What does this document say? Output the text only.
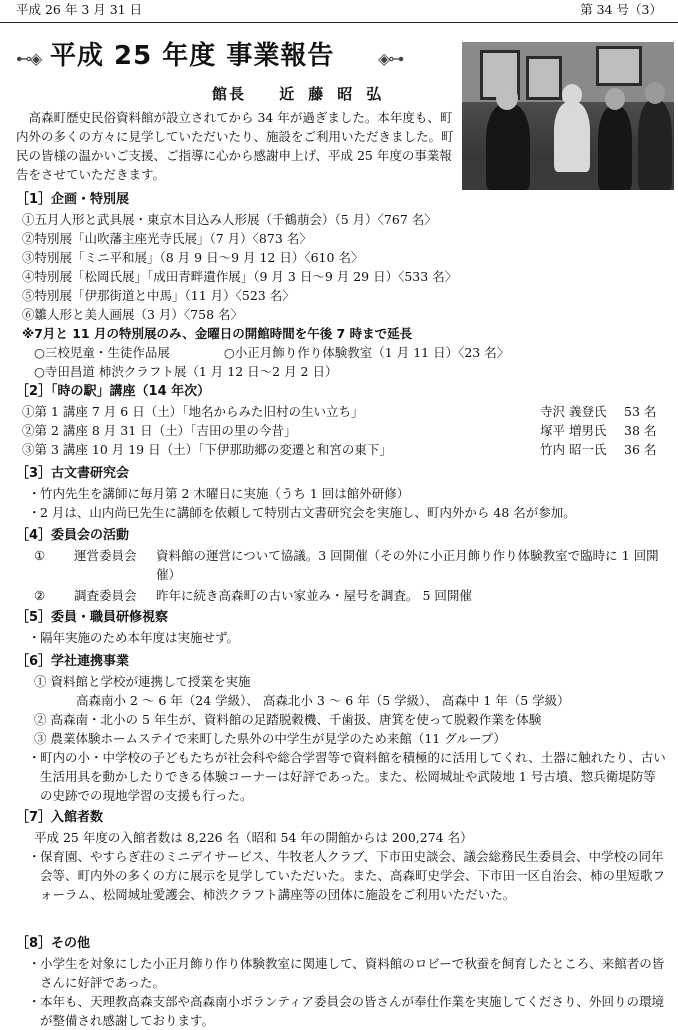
平成 26 年 3 月 31 日	第 34 号（3）
⊷◈ 平成 25 年度 事業報告	◈⊶
館長 近藤昭弘
高森町歴史民俗資料館が設立されてから 34 年が過ぎました。本年度も、町内外の多くの方々に見学していただいたり、施設をご利用いただきました。町民の皆様の温かいご支援、ご指導に心から感謝申上げ、平成 25 年度の事業報告をさせていただきます。
［1］企画・特別展
①五月人形と武具展・東京木目込み人形展（千鶴萠会）（5 月）〈767 名〉
②特別展「山吹藩主座光寺氏展」（7 月）〈873 名〉
③特別展「ミニ平和展」（8 月 9 日～9 月 12 日）〈610 名〉
④特別展「松岡氏展」「成田青畔遺作展」（9 月 3 日～9 月 29 日）〈533 名〉
⑤特別展「伊那街道と中馬」（11 月）〈523 名〉
⑥雛人形と美人画展（3 月）〈758 名〉
※7月と 11 月の特別展のみ、金曜日の開館時間を午後 7 時まで延長
○三校児童・生徒作品展	○小正月飾り作り体験教室（1 月 11 日）〈23 名〉
○寺田昌道 柿渋クラフト展（1 月 12 日～2 月 2 日）
［2］「時の駅」講座（14 年次）
①第 1 講座 7 月 6 日（土）「地名からみた旧村の生い立ち」	寺沢 義登氏 53 名
②第 2 講座 8 月 31 日（土）「吉田の里の今昔」	塚平 増男氏 38 名
③第 3 講座 10 月 19 日（土）「下伊那助郷の変遷と和宮の東下」	竹内 昭一氏 36 名
［3］古文書研究会
・ 竹内先生を講師に毎月第 2 木曜日に実施（うち 1 回は館外研修）
・ 2 月は、山内尚巳先生に講師を依頼して特別古文書研究会を実施し、町内外から 48 名が参加。
［4］委員会の活動
① 運営委員会 資料館の運営について協議。3 回開催（その外に小正月飾り作り体験教室で臨時に 1 回開催）
② 調査委員会 昨年に続き高森町の古い家並み・屋号を調査。 5 回開催
［5］委員・職員研修視察
・ 隔年実施のため本年度は実施せず。
［6］学社連携事業
① 資料館と学校が連携して授業を実施
高森南小 2 ～ 6 年（24 学級）、 高森北小 3 ～ 6 年（5 学級）、 高森中 1 年（5 学級）
② 高森南・北小の 5 年生が、資料館の足踏脱穀機、千歯扱、唐箕を使って脱穀作業を体験
③ 農業体験ホームステイで来町した県外の中学生が見学のため来館（11 グループ）
・ 町内の小・中学校の子どもたちが社会科や総合学習等で資料館を積極的に活用してくれ、土器に触れたり、古い生活用具を動かしたりできる体験コーナーは好評であった。また、松岡城址や武陵地 1 号古墳、惣兵衛堤防等の史跡での現地学習の支援も行った。
［7］入館者数
平成 25 年度の入館者数は 8,226 名（昭和 54 年の開館からは 200,274 名）
・ 保育園、やすらぎ荘のミニデイサービス、牛牧老人クラブ、下市田史談会、議会総務民生委員会、中学校の同年会等、町内外の多くの方に展示を見学していただいた。また、高森町史学会、下市田一区自治会、柿の里短歌フォーラム、松岡城址愛護会、柿渋クラフト講座等の団体に施設をご利用いただいた。
［8］その他
・ 小学生を対象にした小正月飾り作り体験教室に関連して、資料館のロビーで秋蚕を飼育したところ、来館者の皆さんに好評であった。
・ 本年も、天理教高森支部や高森南小ボランティア委員会の皆さんが奉仕作業を実施してくださり、外回りの環境が整備され感謝しております。
